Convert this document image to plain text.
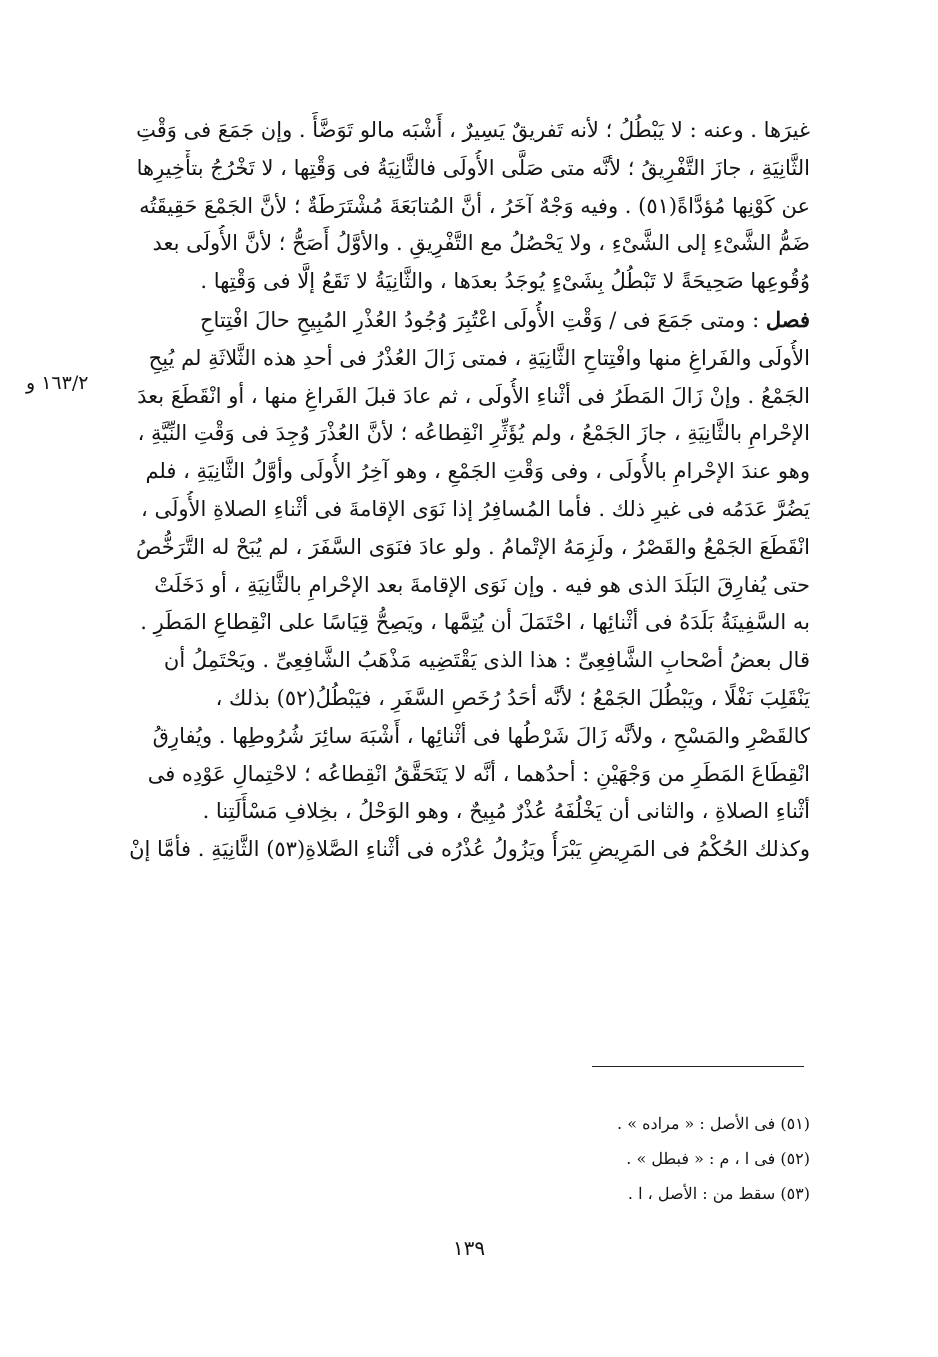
غيرَها . وعنه : لا يَبْطُلُ ؛ لأنه تَفريقٌ يَسِيرٌ ، أَشْبَه مالو تَوَضَّأَ . وإن جَمَعَ فى وَقْتِ
الثَّانِيَةِ ، جازَ التَّفْرِيقُ ؛ لأنَّه متى صَلَّى الأُولَى فالثَّانِيَةُ فى وَقْتِها ، لا تَخْرُجُ بتأْخِيرِها
عن كَوْنِها مُؤدَّاةً(٥١) . وفيه وَجْهٌ آخَرُ ، أنَّ المُتابَعَةَ مُشْتَرَطَةٌ ؛ لأنَّ الجَمْعَ حَقِيقَتُه
ضَمُّ الشَّىْءِ إلى الشَّىْءِ ، ولا يَحْصُلُ مع التَّفْرِيقِ . والأوَّلُ أَصَحُّ ؛ لأنَّ الأُولَى بعد
وُقُوعِها صَحِيحَةً لا تَبْطُلُ بِشَىْءٍ يُوجَدُ بعدَها ، والثَّانِيَةُ لا تَقَعُ إلَّا فى وَقْتِها .

فصل : ومتى جَمَعَ فى / وَقْتِ الأُولَى اعْتُبِرَ وُجُودُ العُذْرِ المُبِيحِ حالَ افْتِتاحِ
الأُولَى والفَراغِ منها وافْتِتاحِ الثَّانِيَةِ ، فمتى زَالَ العُذْرُ فى أحدِ هذه الثَّلاثَةِ لم يُبِحِ
الجَمْعُ . وإنْ زَالَ المَطَرُ فى أثْناءِ الأُولَى ، ثم عادَ قبلَ الفَراغِ منها ، أو انْقَطَعَ بعدَ
الإحْرامِ بالثَّانِيَةِ ، جازَ الجَمْعُ ، ولم يُؤَثِّرِ انْقِطاعُه ؛ لأنَّ العُذْرَ وُجِدَ فى وَقْتِ النِّيَّةِ ،
وهو عندَ الإحْرامِ بالأُولَى ، وفى وَقْتِ الجَمْعِ ، وهو آخِرُ الأُولَى وأوَّلُ الثَّانِيَةِ ، فلم
يَضُرَّ عَدَمُه فى غيرِ ذلك . فأما المُسافِرُ إذا نَوَى الإقامةَ فى أثْناءِ الصلاةِ الأُولَى ،
انْقَطَعَ الجَمْعُ والقَصْرُ ، ولَزِمَهُ الإتْمامُ . ولو عادَ فنَوَى السَّفَرَ ، لم يُبَحْ له التَّرَخُّصُ
حتى يُفارِقَ البَلَدَ الذى هو فيه . وإن نَوَى الإقامةَ بعد الإحْرامِ بالثَّانِيَةِ ، أو دَخَلَتْ
به السَّفِينَةُ بَلَدَهُ فى أثْنائِها ، احْتَمَلَ أن يُتِمَّها ، ويَصِحُّ قِيَاسًا على انْقِطاعِ المَطَرِ .
قال بعضُ أصْحابِ الشَّافِعِىِّ : هذا الذى يَقْتَضِيه مَذْهَبُ الشَّافِعِىِّ . ويَحْتَمِلُ أن
يَنْقَلِبَ نَفْلًا ، ويَبْطُلَ الجَمْعُ ؛ لأنَّه أحَدُ رُخَصِ السَّفَرِ ، فيَبْطُلُ(٥٢) بذلك ،
كالقَصْرِ والمَسْحِ ، ولأنَّه زَالَ شَرْطُها فى أثْنائِها ، أَشْبَهَ سائِرَ شُرُوطِها . ويُفارِقُ
انْقِطَاعَ المَطَرِ من وَجْهَيْنِ : أحدُهما ، أنَّه لا يَتَحَقَّقُ انْقِطاعُه ؛ لاحْتِمالِ عَوْدِه فى
أثْناءِ الصلاةِ ، والثانى أن يَخْلُفَهُ عُذْرٌ مُبِيحٌ ، وهو الوَحْلُ ، بخِلافِ مَسْأَلَتِنا .
وكذلك الحُكْمُ فى المَرِيضِ يَبْرَأُ ويَزُولُ عُذْرُه فى أثْناءِ الصَّلاةِ(٥٣) الثَّانِيَةِ . فأمَّا إنْ

١٦٣/٢ و
(٥١) فى الأصل : « مراده » .
(٥٢) فى ا ، م : « فبطل » .
(٥٣) سقط من : الأصل ، ا .
١٣٩
